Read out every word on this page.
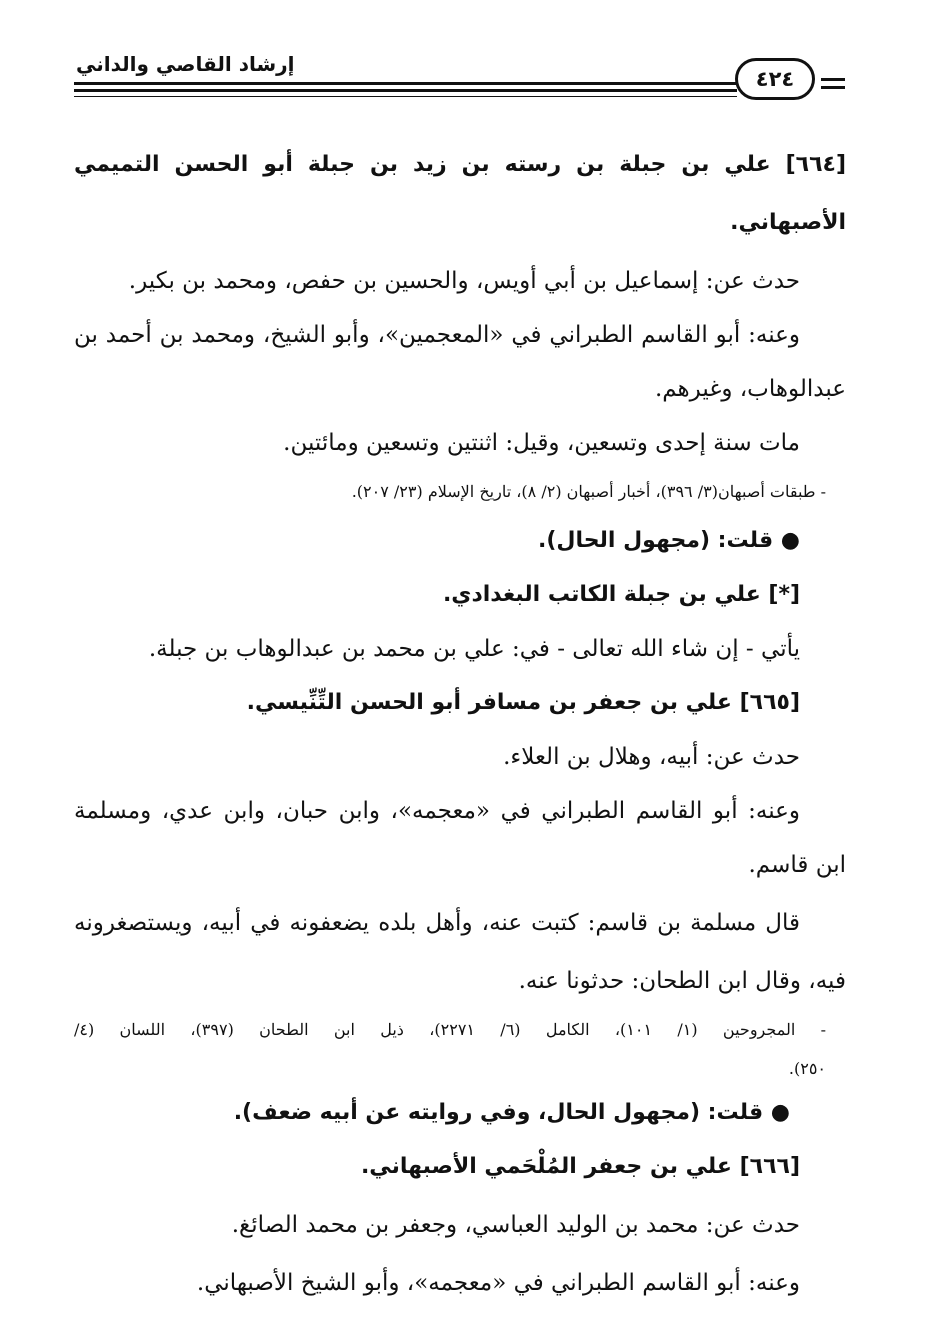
إرشاد القاصي والداني
٤٢٤

[٦٦٤] علي بن جبلة بن رسته بن زيد بن جبلة أبو الحسن التميمي

الأصبهاني.

حدث عن: إسماعيل بن أبي أويس، والحسين بن حفص، ومحمد بن بكير.

وعنه: أبو القاسم الطبراني في «المعجمين»، وأبو الشيخ، ومحمد بن أحمد بن

عبدالوهاب، وغيرهم.

مات سنة إحدى وتسعين، وقيل: اثنتين وتسعين ومائتين.

- طبقات أصبهان(٣/ ٣٩٦)، أخبار أصبهان (٢/ ٨)، تاريخ الإسلام (٢٣/ ٢٠٧).

● قلت: (مجهول الحال).

[*] علي بن جبلة الكاتب البغدادي.

يأتي - إن شاء الله تعالى - في: علي بن محمد بن عبدالوهاب بن جبلة.

[٦٦٥] علي بن جعفر بن مسافر أبو الحسن التِّنِّيسي.

حدث عن: أبيه، وهلال بن العلاء.

وعنه: أبو القاسم الطبراني في «معجمه»، وابن حبان، وابن عدي، ومسلمة

ابن قاسم.

قال مسلمة بن قاسم: كتبت عنه، وأهل بلده يضعفونه في أبيه، ويستصغرونه

فيه، وقال ابن الطحان: حدثونا عنه.

- المجروحين (١/ ١٠١)، الكامل (٦/ ٢٢٧١)، ذيل ابن الطحان (٣٩٧)، اللسان (٤/

٢٥٠).

● قلت: (مجهول الحال، وفي روايته عن أبيه ضعف).

[٦٦٦] علي بن جعفر المُلْحَمي الأصبهاني.

حدث عن: محمد بن الوليد العباسي، وجعفر بن محمد الصائغ.

وعنه: أبو القاسم الطبراني في «معجمه»، وأبو الشيخ الأصبهاني.
